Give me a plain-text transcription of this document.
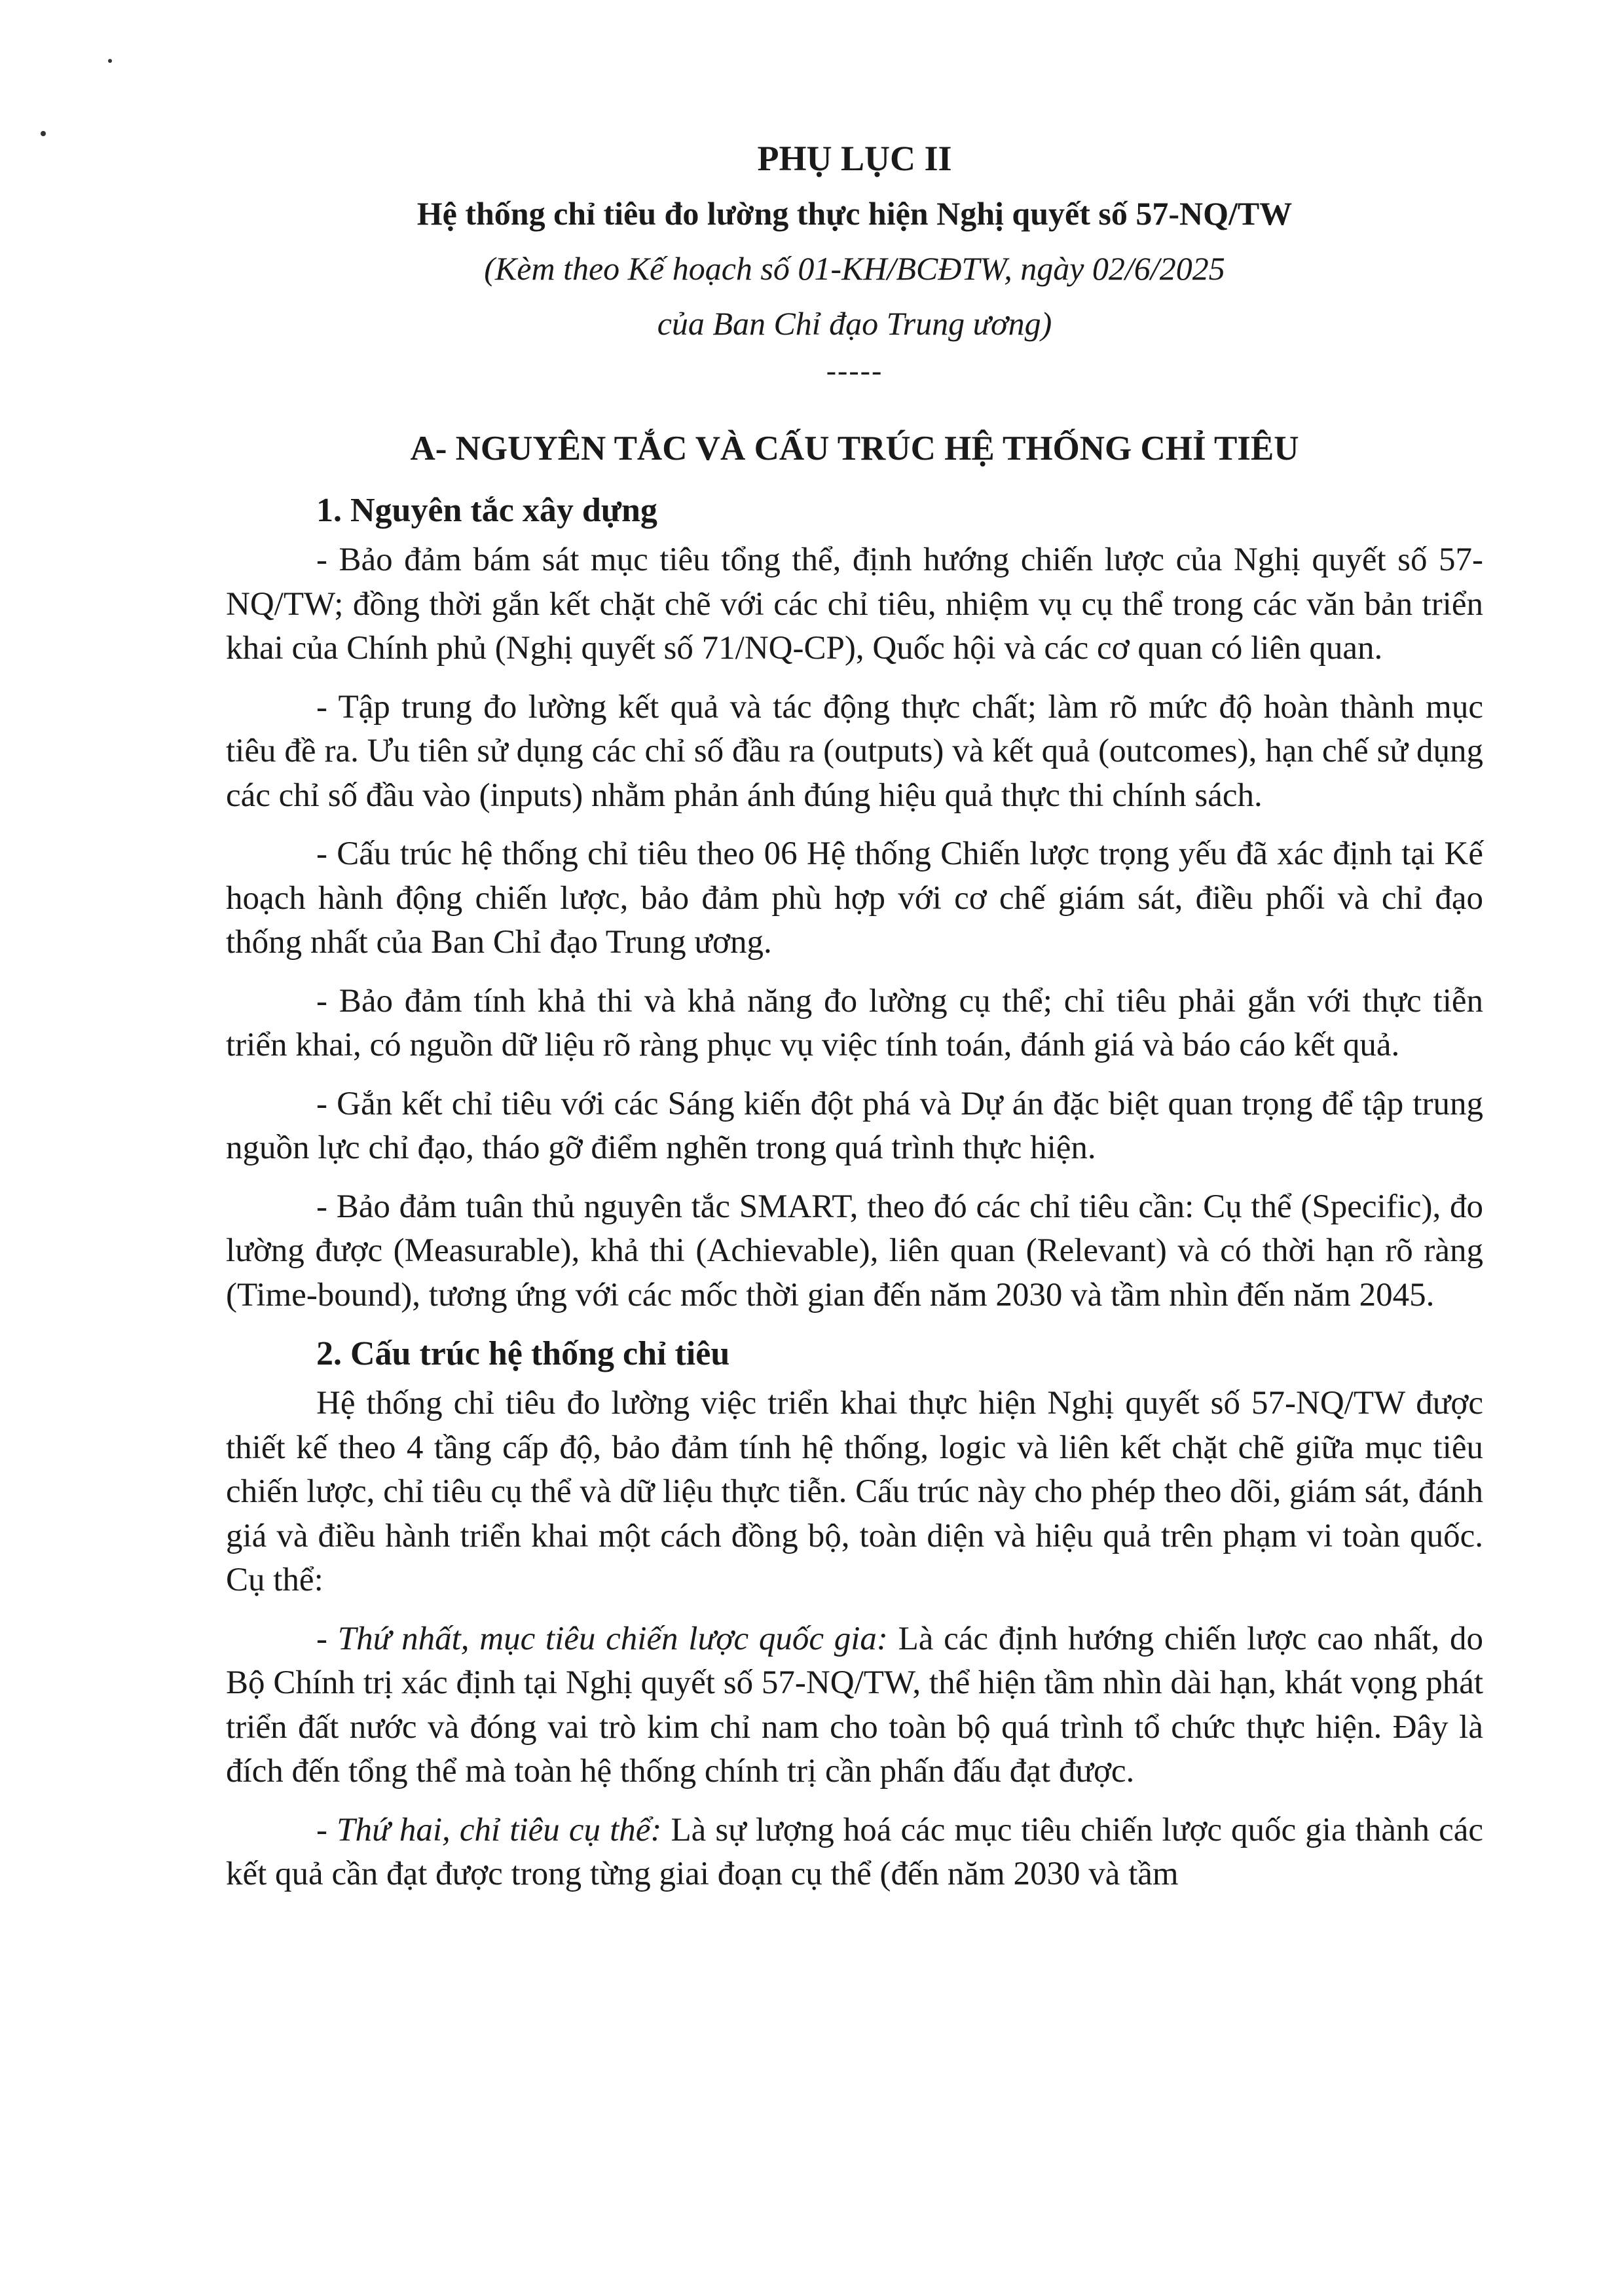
PHỤ LỤC II

Hệ thống chỉ tiêu đo lường thực hiện Nghị quyết số 57-NQ/TW

(Kèm theo Kế hoạch số 01-KH/BCĐTW, ngày 02/6/2025

của Ban Chỉ đạo Trung ương)

-----

A- NGUYÊN TẮC VÀ CẤU TRÚC HỆ THỐNG CHỈ TIÊU
1. Nguyên tắc xây dựng

- Bảo đảm bám sát mục tiêu tổng thể, định hướng chiến lược của Nghị quyết số 57-NQ/TW; đồng thời gắn kết chặt chẽ với các chỉ tiêu, nhiệm vụ cụ thể trong các văn bản triển khai của Chính phủ (Nghị quyết số 71/NQ-CP), Quốc hội và các cơ quan có liên quan.

- Tập trung đo lường kết quả và tác động thực chất; làm rõ mức độ hoàn thành mục tiêu đề ra. Ưu tiên sử dụng các chỉ số đầu ra (outputs) và kết quả (outcomes), hạn chế sử dụng các chỉ số đầu vào (inputs) nhằm phản ánh đúng hiệu quả thực thi chính sách.

- Cấu trúc hệ thống chỉ tiêu theo 06 Hệ thống Chiến lược trọng yếu đã xác định tại Kế hoạch hành động chiến lược, bảo đảm phù hợp với cơ chế giám sát, điều phối và chỉ đạo thống nhất của Ban Chỉ đạo Trung ương.

- Bảo đảm tính khả thi và khả năng đo lường cụ thể; chỉ tiêu phải gắn với thực tiễn triển khai, có nguồn dữ liệu rõ ràng phục vụ việc tính toán, đánh giá và báo cáo kết quả.

- Gắn kết chỉ tiêu với các Sáng kiến đột phá và Dự án đặc biệt quan trọng để tập trung nguồn lực chỉ đạo, tháo gỡ điểm nghẽn trong quá trình thực hiện.

- Bảo đảm tuân thủ nguyên tắc SMART, theo đó các chỉ tiêu cần: Cụ thể (Specific), đo lường được (Measurable), khả thi (Achievable), liên quan (Relevant) và có thời hạn rõ ràng (Time-bound), tương ứng với các mốc thời gian đến năm 2030 và tầm nhìn đến năm 2045.

2. Cấu trúc hệ thống chỉ tiêu

Hệ thống chỉ tiêu đo lường việc triển khai thực hiện Nghị quyết số 57-NQ/TW được thiết kế theo 4 tầng cấp độ, bảo đảm tính hệ thống, logic và liên kết chặt chẽ giữa mục tiêu chiến lược, chỉ tiêu cụ thể và dữ liệu thực tiễn. Cấu trúc này cho phép theo dõi, giám sát, đánh giá và điều hành triển khai một cách đồng bộ, toàn diện và hiệu quả trên phạm vi toàn quốc. Cụ thể:

- Thứ nhất, mục tiêu chiến lược quốc gia: Là các định hướng chiến lược cao nhất, do Bộ Chính trị xác định tại Nghị quyết số 57-NQ/TW, thể hiện tầm nhìn dài hạn, khát vọng phát triển đất nước và đóng vai trò kim chỉ nam cho toàn bộ quá trình tổ chức thực hiện. Đây là đích đến tổng thể mà toàn hệ thống chính trị cần phấn đấu đạt được.

- Thứ hai, chỉ tiêu cụ thể: Là sự lượng hoá các mục tiêu chiến lược quốc gia thành các kết quả cần đạt được trong từng giai đoạn cụ thể (đến năm 2030 và tầm
